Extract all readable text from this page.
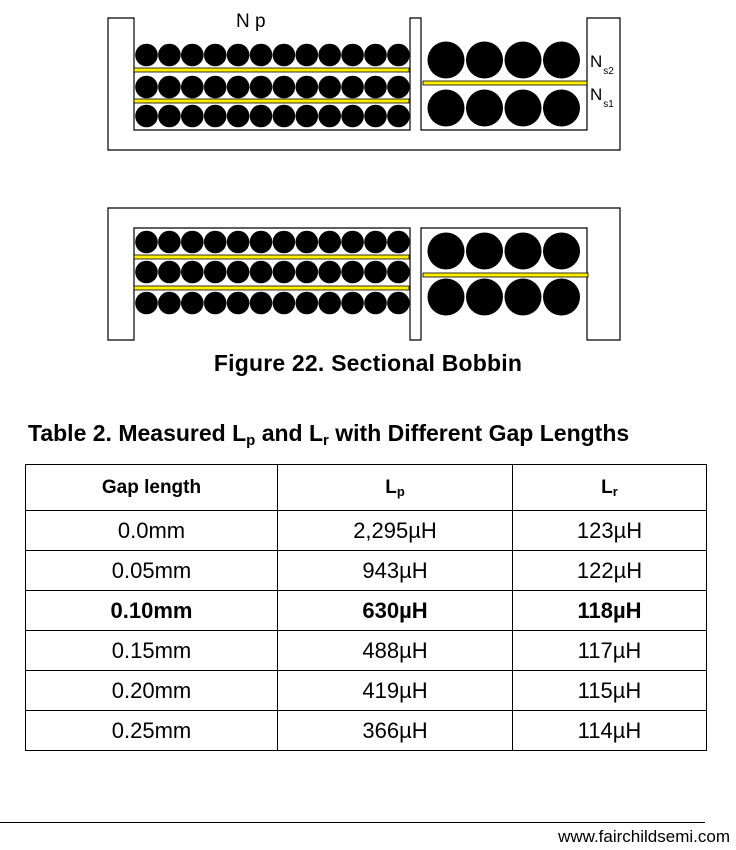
N p
$N_{s2}$
$N_{s1}$
Figure 22. Sectional Bobbin
Table 2. Measured $L_p$ and $L_r$ with Different Gap Lengths
Gap length	$L_p$	$L_r$
0.0mm	2,295µH	123µH
0.05mm	943µH	122µH
0.10mm	630µH	118µH
0.15mm	488µH	117µH
0.20mm	419µH	115µH
0.25mm	366µH	114µH
www.fairchildsemi.com
